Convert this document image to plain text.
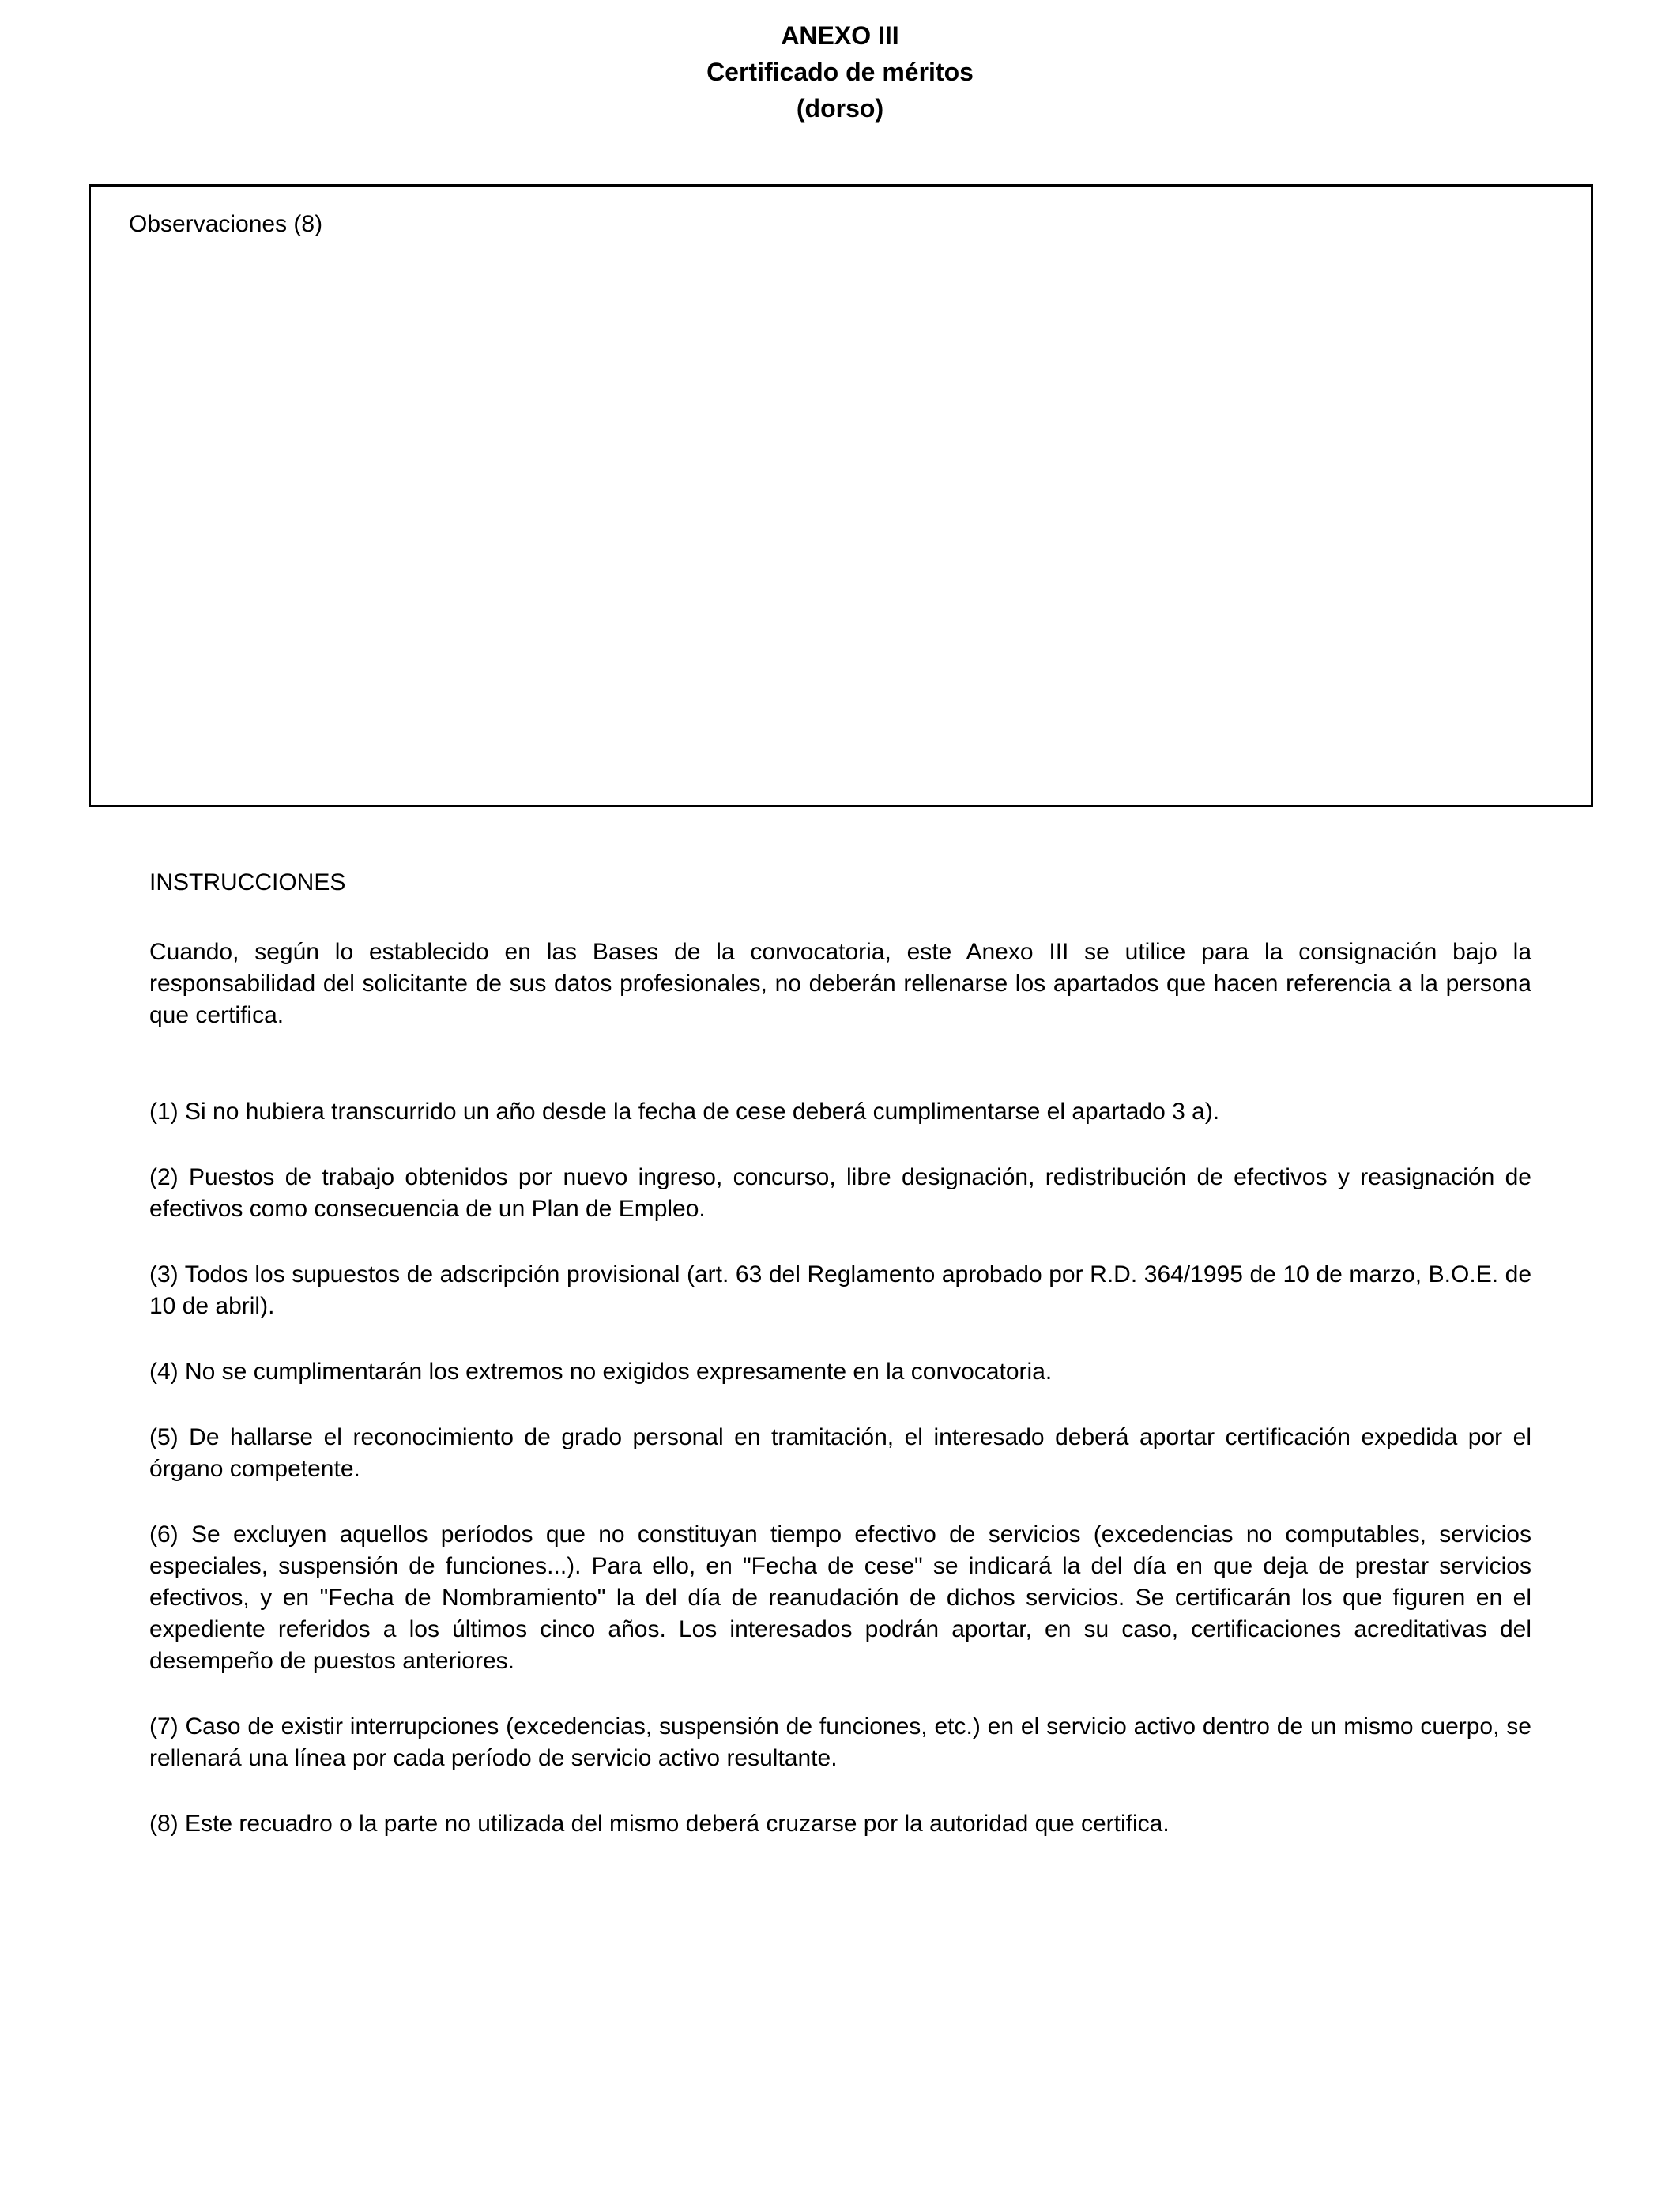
ANEXO III
Certificado de méritos
(dorso)
Observaciones (8)
INSTRUCCIONES

Cuando, según lo establecido en las Bases de la convocatoria, este Anexo III se utilice para la consignación bajo la responsabilidad del solicitante de sus datos profesionales, no deberán rellenarse los apartados que hacen referencia a la persona que certifica.

(1) Si no hubiera transcurrido un año desde la fecha de cese deberá cumplimentarse el apartado 3 a).

(2) Puestos de trabajo obtenidos por nuevo ingreso, concurso, libre designación, redistribución de efectivos y reasignación de efectivos como consecuencia de un Plan de Empleo.

(3) Todos los supuestos de adscripción provisional (art. 63 del Reglamento aprobado por R.D. 364/1995 de 10 de marzo, B.O.E. de 10 de abril).

(4) No se cumplimentarán los extremos no exigidos expresamente en la convocatoria.

(5) De hallarse el reconocimiento de grado personal en tramitación, el interesado deberá aportar certificación expedida por el órgano competente.

(6) Se excluyen aquellos períodos que no constituyan tiempo efectivo de servicios (excedencias no computables, servicios especiales, suspensión de funciones...). Para ello, en "Fecha de cese" se indicará la del día en que deja de prestar servicios efectivos, y en "Fecha de Nombramiento" la del día de reanudación de dichos servicios. Se certificarán los que figuren en el expediente referidos a los últimos cinco años. Los interesados podrán aportar, en su caso, certificaciones acreditativas del desempeño de puestos anteriores.

(7) Caso de existir interrupciones (excedencias, suspensión de funciones, etc.) en el servicio activo dentro de un mismo cuerpo, se rellenará una línea por cada período de servicio activo resultante.

(8) Este recuadro o la parte no utilizada del mismo deberá cruzarse por la autoridad que certifica.
